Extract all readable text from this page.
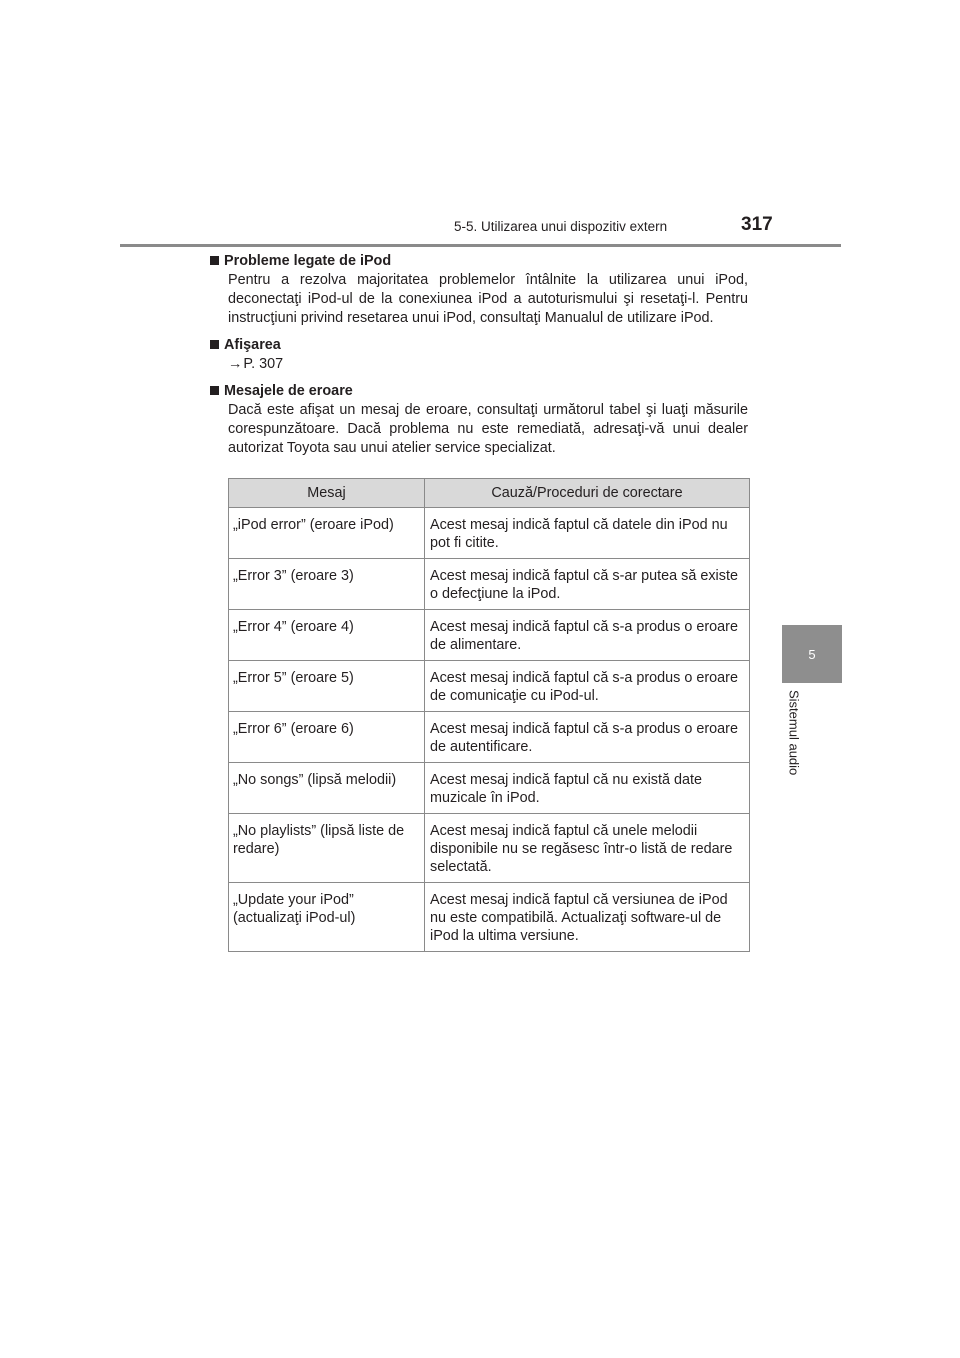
5-5. Utilizarea unui dispozitiv extern	317
5
Sistemul audio
Probleme legate de iPod
Pentru a rezolva majoritatea problemelor întâlnite la utilizarea unui iPod, deconectaţi iPod-ul de la conexiunea iPod a autoturismului şi resetaţi-l. Pentru instrucţiuni privind resetarea unui iPod, consultaţi Manualul de utilizare iPod.
Afişarea
→P. 307
Mesajele de eroare
Dacă este afişat un mesaj de eroare, consultaţi următorul tabel şi luaţi măsurile corespunzătoare. Dacă problema nu este remediată, adresaţi-vă unui dealer autorizat Toyota sau unui atelier service specializat.
Mesaj	Cauză/Proceduri de corectare
„iPod error” (eroare iPod)	Acest mesaj indică faptul că datele din iPod nu pot fi citite.
„Error 3” (eroare 3)	Acest mesaj indică faptul că s-ar putea să existe o defecţiune la iPod.
„Error 4” (eroare 4)	Acest mesaj indică faptul că s-a produs o eroare de alimentare.
„Error 5” (eroare 5)	Acest mesaj indică faptul că s-a produs o eroare de comunicaţie cu iPod-ul.
„Error 6” (eroare 6)	Acest mesaj indică faptul că s-a produs o eroare de autentificare.
„No songs” (lipsă melodii)	Acest mesaj indică faptul că nu există date muzicale în iPod.
„No playlists” (lipsă liste de redare)	Acest mesaj indică faptul că unele melodii disponibile nu se regăsesc într-o listă de redare selectată.
„Update your iPod” (actualizaţi iPod-ul)	Acest mesaj indică faptul că versiunea de iPod nu este compatibilă. Actualizaţi software-ul de iPod la ultima versiune.
